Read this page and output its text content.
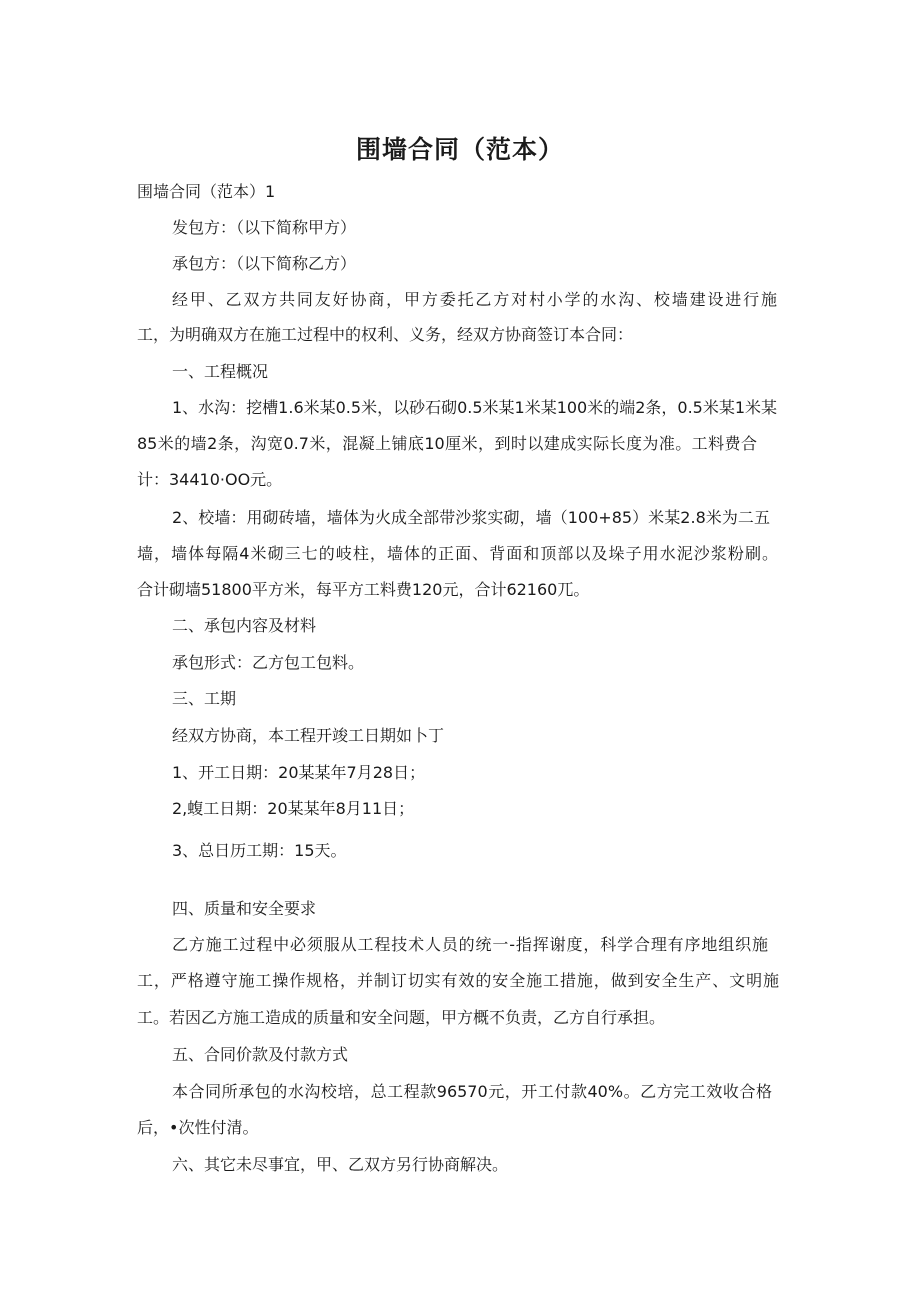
围墙合同（范本）
围墙合同（范本）1
发包方：（以下简称甲方）
承包方：（以下简称乙方）
经甲、乙双方共同友好协商，甲方委托乙方对村小学的水沟、校墙建设进行施
工，为明确双方在施工过程中的权利、义务，经双方协商签订本合同：
一、工程概况
1、水沟：挖槽1.6米某0.5米，以砂石砌0.5米某1米某100米的端2条，0.5米某1米某
85米的墙2条，沟宽0.7米，混凝上铺底10厘米，到时以建成实际长度为准。工料费合
计：34410·OO元。
2、校墙：用砌砖墙，墙体为火成全部带沙浆实砌，墙（100+85）米某2.8米为二五
墙，墙体每隔4米砌三七的岐柱，墙体的正面、背面和顶部以及垛子用水泥沙浆粉刷。
合计砌墙51800平方米，每平方工料费120元，合计62160兀。
二、承包内容及材料
承包形式：乙方包工包料。
三、工期
经双方协商，本工程开竣工日期如卜丁
1、开工日期：20某某年7月28日；
2,蝮工日期：20某某年8月11日；
3、总日历工期：15天。
四、质量和安全要求
乙方施工过程中必须服从工程技术人员的统一-指挥谢度，科学合理有序地组织施
工，严格遵守施工操作规格，并制订切实有效的安全施工措施，做到安全生产、文明施
工。若因乙方施工造成的质量和安全问题，甲方概不负责，乙方自行承担。
五、合同价款及付款方式
本合同所承包的水沟校培，总工程款96570元，开工付款40%。乙方完工效收合格
后，•次性付清。
六、其它未尽事宜，甲、乙双方另行协商解决。
